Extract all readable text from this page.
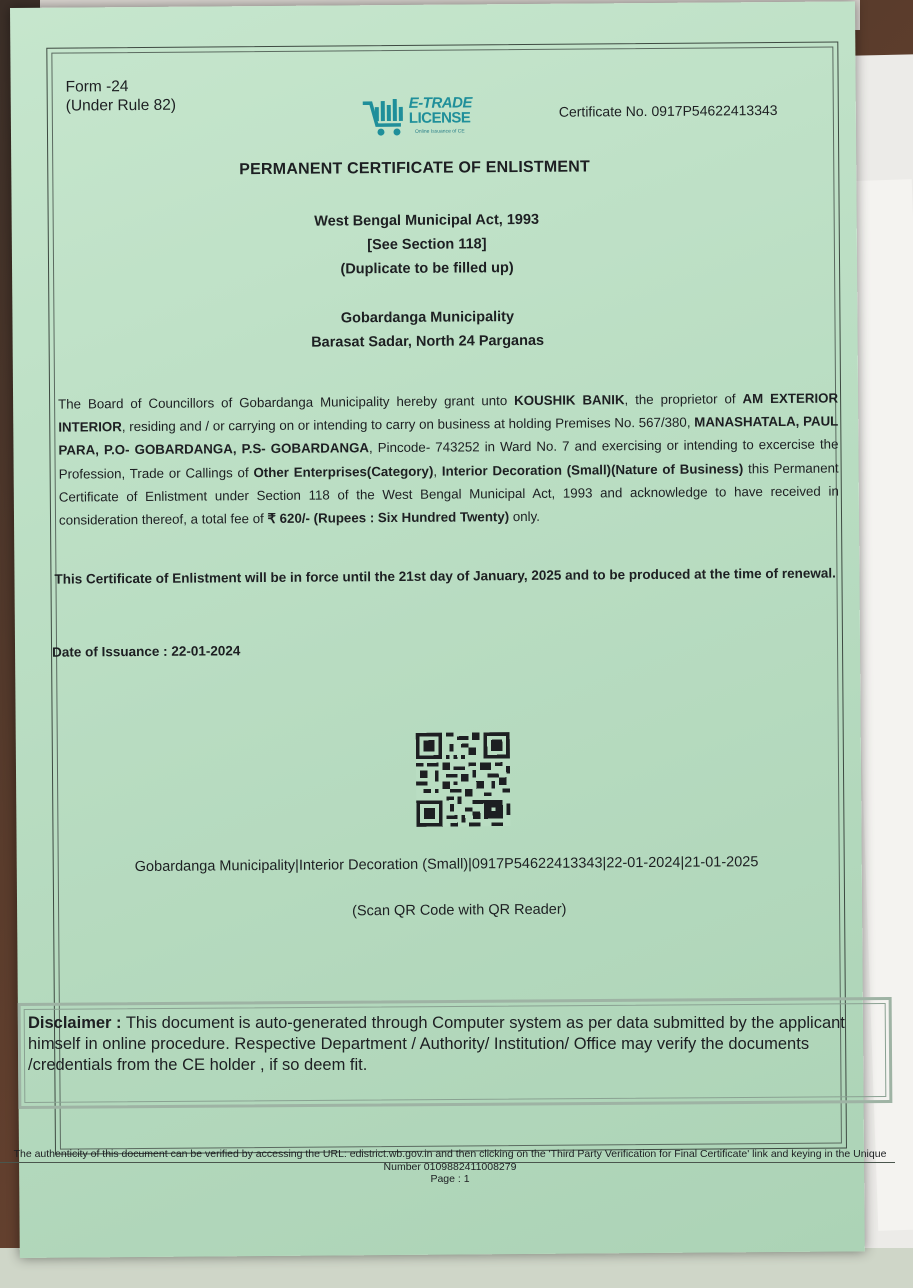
Form -24
(Under Rule 82)	E-TRADE
LICENSE
Online Issuance of CE
Certificate No. 0917P54622413343
PERMANENT CERTIFICATE OF ENLISTMENT
West Bengal Municipal Act, 1993
[See Section 118]
(Duplicate to be filled up)
Gobardanga Municipality
Barasat Sadar, North 24 Parganas
The Board of Councillors of Gobardanga Municipality hereby grant unto KOUSHIK BANIK, the proprietor of AM EXTERIOR INTERIOR, residing and / or carrying on or intending to carry on business at holding Premises No. 567/380, MANASHATALA, PAUL PARA, P.O- GOBARDANGA, P.S- GOBARDANGA, Pincode- 743252 in Ward No. 7 and exercising or intending to excercise the Profession, Trade or Callings of Other Enterprises(Category), Interior Decoration (Small)(Nature of Business) this Permanent Certificate of Enlistment under Section 118 of the West Bengal Municipal Act, 1993 and acknowledge to have received in consideration thereof, a total fee of ₹ 620/- (Rupees : Six Hundred Twenty) only.
This Certificate of Enlistment will be in force until the 21st day of January, 2025 and to be produced at the time of renewal.
Date of Issuance : 22-01-2024
Gobardanga Municipality|Interior Decoration (Small)|0917P54622413343|22-01-2024|21-01-2025
(Scan QR Code with QR Reader)
Disclaimer : This document is auto-generated through Computer system as per data submitted by the applicant himself in online procedure. Respective Department / Authority/ Institution/ Office may verify the documents /credentials from the CE holder , if so deem fit.
The authenticity of this document can be verified by accessing the URL: edistrict.wb.gov.in and then clicking on the 'Third Party Verification for Final Certificate' link and keying in the Unique Number 0109882411008279
Page : 1
